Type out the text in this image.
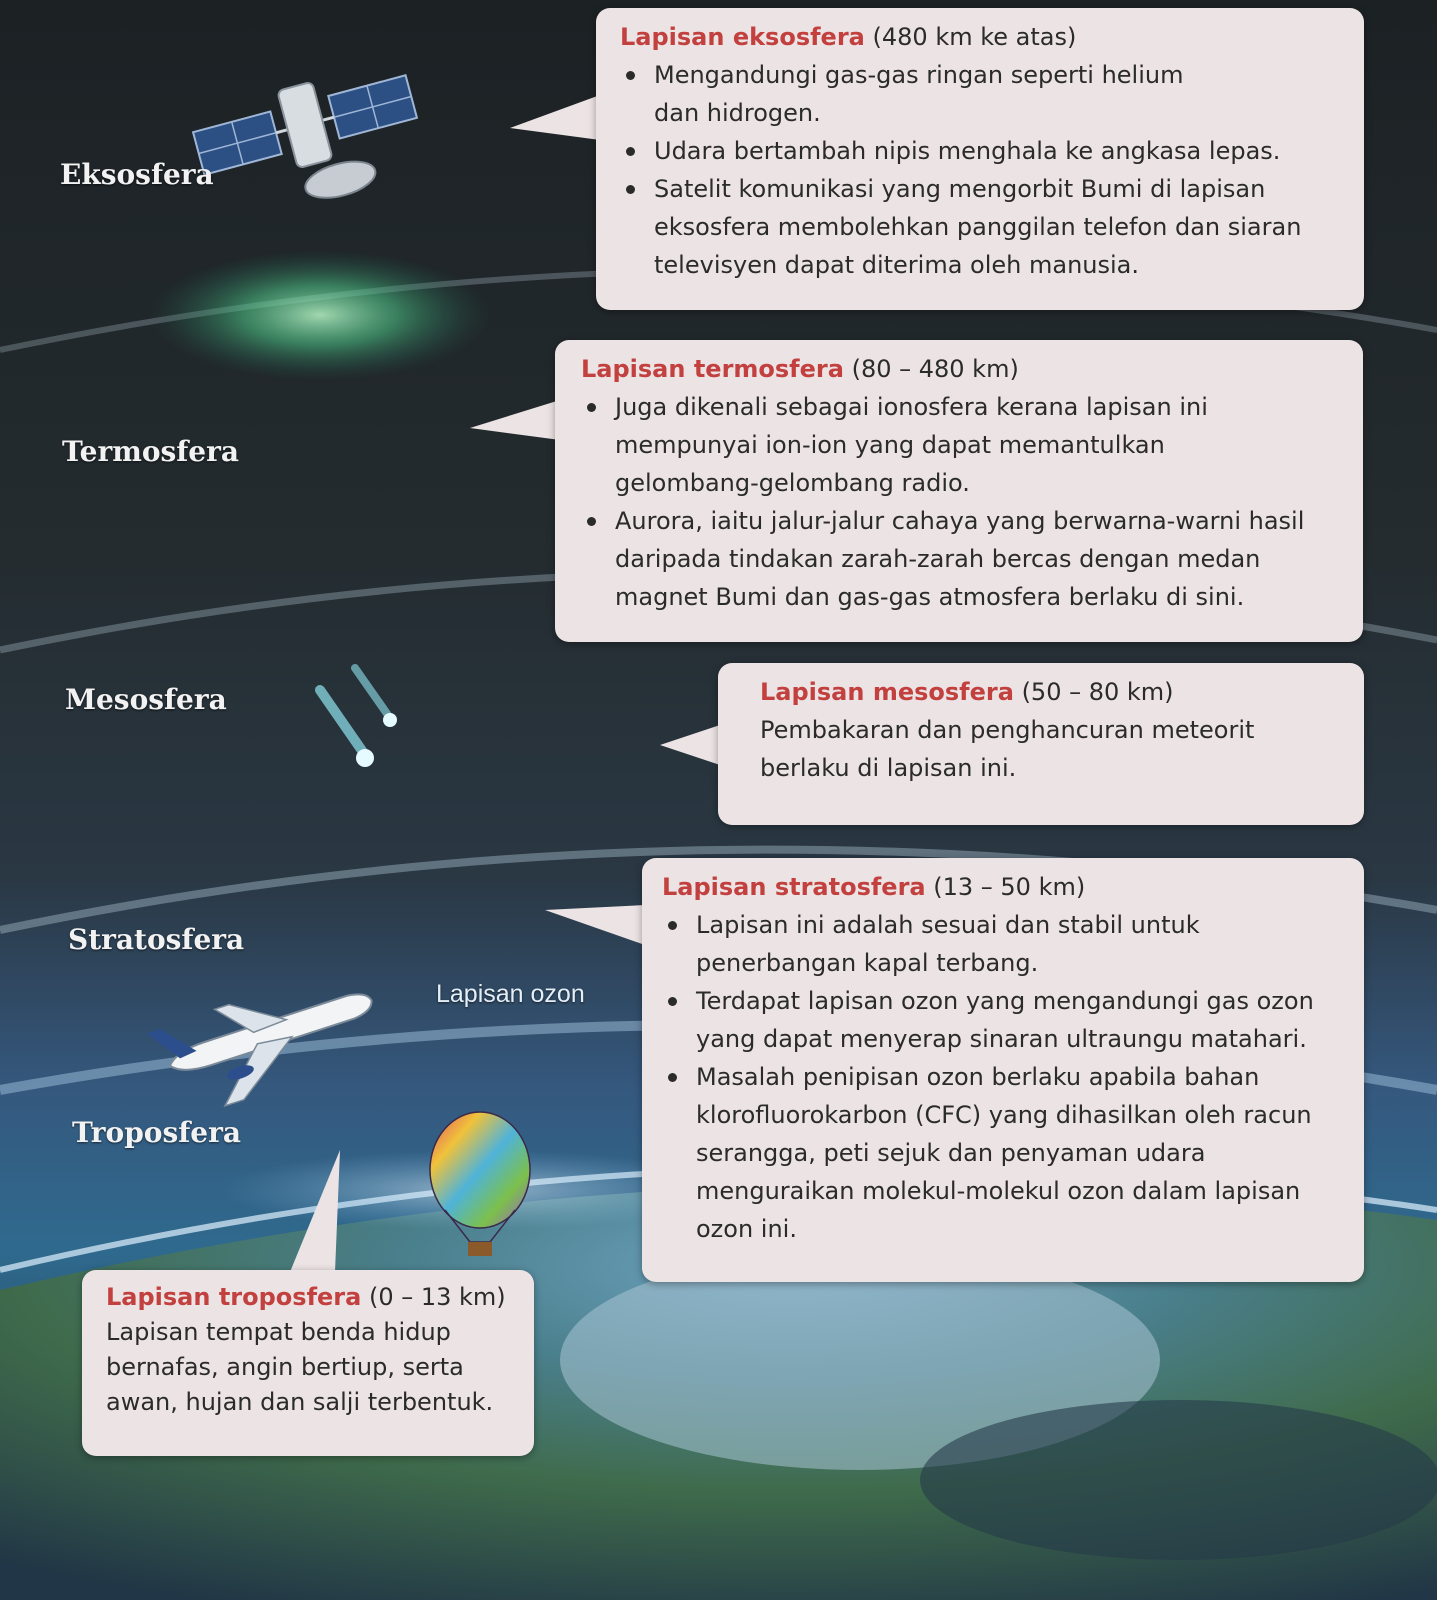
Eksosfera
Termosfera
Mesosfera
Stratosfera
Troposfera
Lapisan ozon

Lapisan eksosfera (480 km ke atas)

Mengandungi gas-gas ringan seperti helium dan hidrogen.
Udara bertambah nipis menghala ke angkasa lepas.
Satelit komunikasi yang mengorbit Bumi di lapisan eksosfera membolehkan panggilan telefon dan siaran televisyen dapat diterima oleh manusia.

Lapisan termosfera (80 – 480 km)

Juga dikenali sebagai ionosfera kerana lapisan ini mempunyai ion-ion yang dapat memantulkan gelombang-gelombang radio.
Aurora, iaitu jalur-jalur cahaya yang berwarna-warni hasil daripada tindakan zarah-zarah bercas dengan medan magnet Bumi dan gas-gas atmosfera berlaku di sini.

Lapisan mesosfera (50 – 80 km)

Pembakaran dan penghancuran meteorit berlaku di lapisan ini.

Lapisan stratosfera (13 – 50 km)

Lapisan ini adalah sesuai dan stabil untuk penerbangan kapal terbang.
Terdapat lapisan ozon yang mengandungi gas ozon yang dapat menyerap sinaran ultraungu matahari.
Masalah penipisan ozon berlaku apabila bahan klorofluorokarbon (CFC) yang dihasilkan oleh racun serangga, peti sejuk dan penyaman udara menguraikan molekul-molekul ozon dalam lapisan ozon ini.

Lapisan troposfera (0 – 13 km)

Lapisan tempat benda hidup bernafas, angin bertiup, serta awan, hujan dan salji terbentuk.
